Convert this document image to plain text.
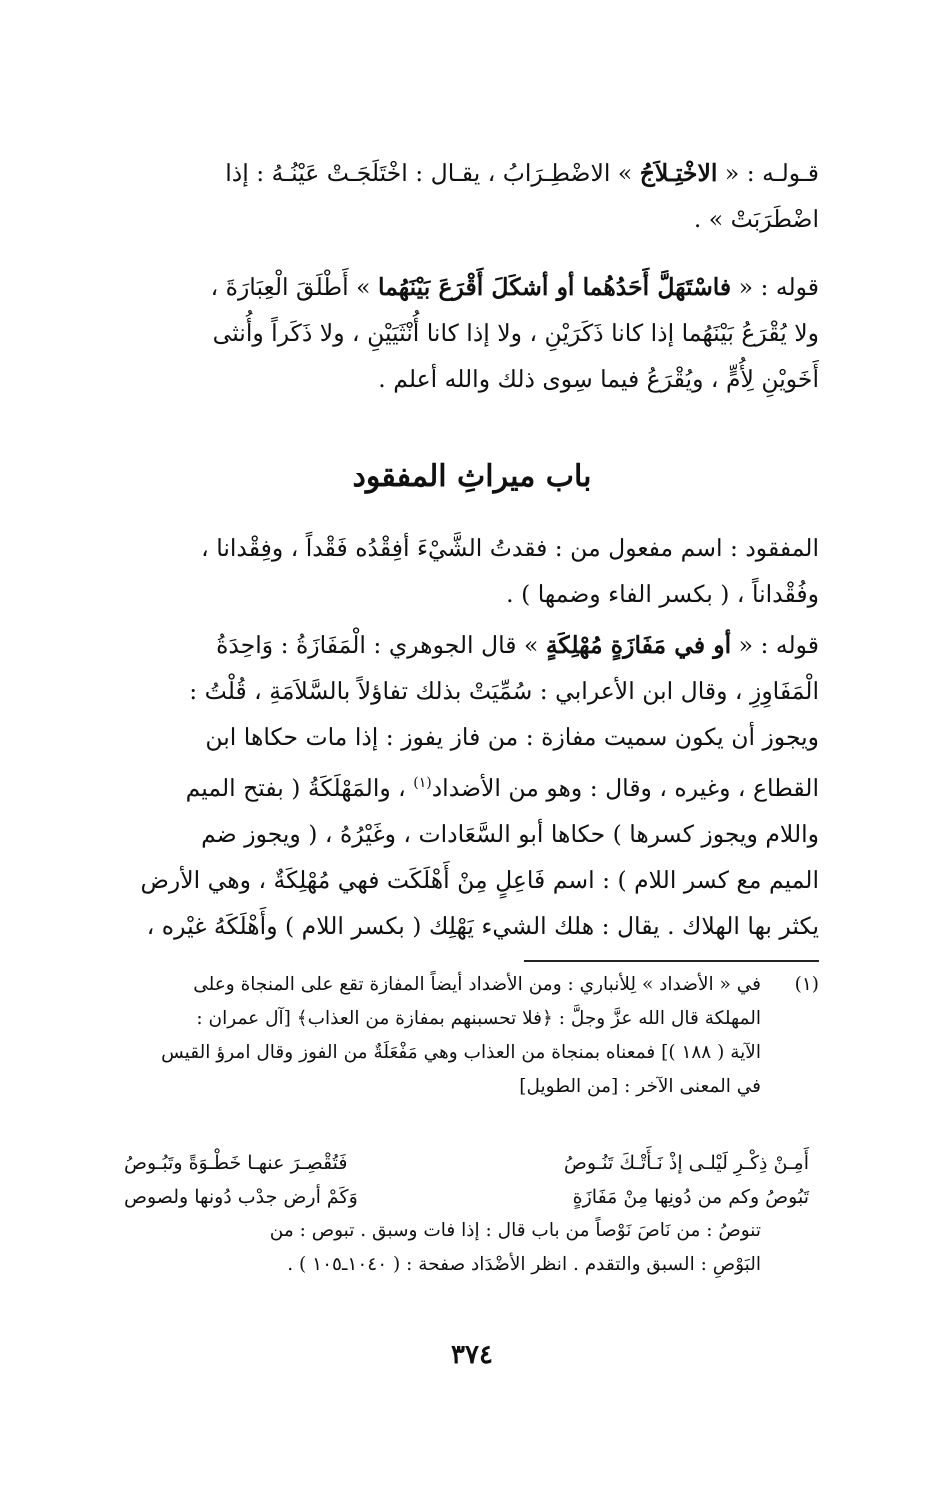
قـولـه : « الاخْتِـلاَجُ » الاضْطِـرَابُ ، يقـال : اخْتَلَجَـتْ عَيْنُـهُ : إذا
اضْطَرَبَتْ » .
قوله : « فاسْتَهَلَّ أَحَدُهُما أو أشكَلَ أَقْرَعَ بَيْنَهُما » أَطْلَقَ الْعِبَارَةَ ،
ولا يُقْرَعُ بَيْنَهُما إذا كانا ذَكَرَيْنِ ، ولا إذا كانا أُنْثَيَيْنِ ، ولا ذَكَراً وأُنثى
أَخَويْنِ لِأُمٍّ ، ويُقْرَعُ فيما سِوى ذلك والله أعلم .
باب ميراثِ المفقود
المفقود : اسم مفعول من : فقدتُ الشَّيْءَ أفِقْدُه فَقْداً ، وفِقْدانا ،
وفُقْداناً ، ( بكسر الفاء وضمها ) .
قوله : « أو في مَفَازَةٍ مُهْلِكَةٍ » قال الجوهري : الْمَفَازَةُ : وَاحِدَةُ
الْمَفَاوِزِ ، وقال ابن الأعرابي : سُمِّيَتْ بذلك تفاؤلاً بالسَّلاَمَةِ ، قُلْتُ :
ويجوز أن يكون سميت مفازة : من فاز يفوز : إذا مات حكاها ابن
القطاع ، وغيره ، وقال : وهو من الأضداد$^{(١)}$ ، والمَهْلَكَةُ ( بفتح الميم
واللام ويجوز كسرها ) حكاها أبو السَّعَادات ، وغَيْرُهُ ، ( ويجوز ضم
الميم مع كسر اللام ) : اسم فَاعِلٍ مِنْ أَهْلَكَت فهي مُهْلِكَةٌ ، وهي الأرض
يكثر بها الهلاك . يقال : هلك الشيء يَهْلِك ( بكسر اللام ) وأَهْلَكَهُ غيْره ،
(١)
في « الأضداد » لِلأنباري : ومن الأضداد أيضاً المفازة تقع على المنجاة وعلى
المهلكة قال الله عزَّ وجلَّ : ﴿فلا تحسبنهم بمفازة من العذاب﴾ [آل عمران :
الآية ( ١٨٨ )] فمعناه بمنجاة من العذاب وهي مَفْعَلَةٌ من الفوز وقال امرؤ القيس
في المعنى الآخر : [من الطويل]
أَمِـنْ ذِكْـرِ لَيْلـى إذْ نَـأَتْـكَ تَنُـوصُ
فَتُقْصِـرَ عنهـا خَطْـوَةً وتَبُـوصُ
تَبُوصُ وكم من دُونِها مِنْ مَفَازَةٍ
وَكَمْ أرض جدْب دُونها ولصوص
تنوصُ : من نَاصَ نَوْصاً من باب قال : إذا فات وسبق . تبوص : من
البَوْصِ : السبق والتقدم . انظر الأضْدَاد صفحة : ( ١٠٤٠ـ١٠٥ ) .
٣٧٤
